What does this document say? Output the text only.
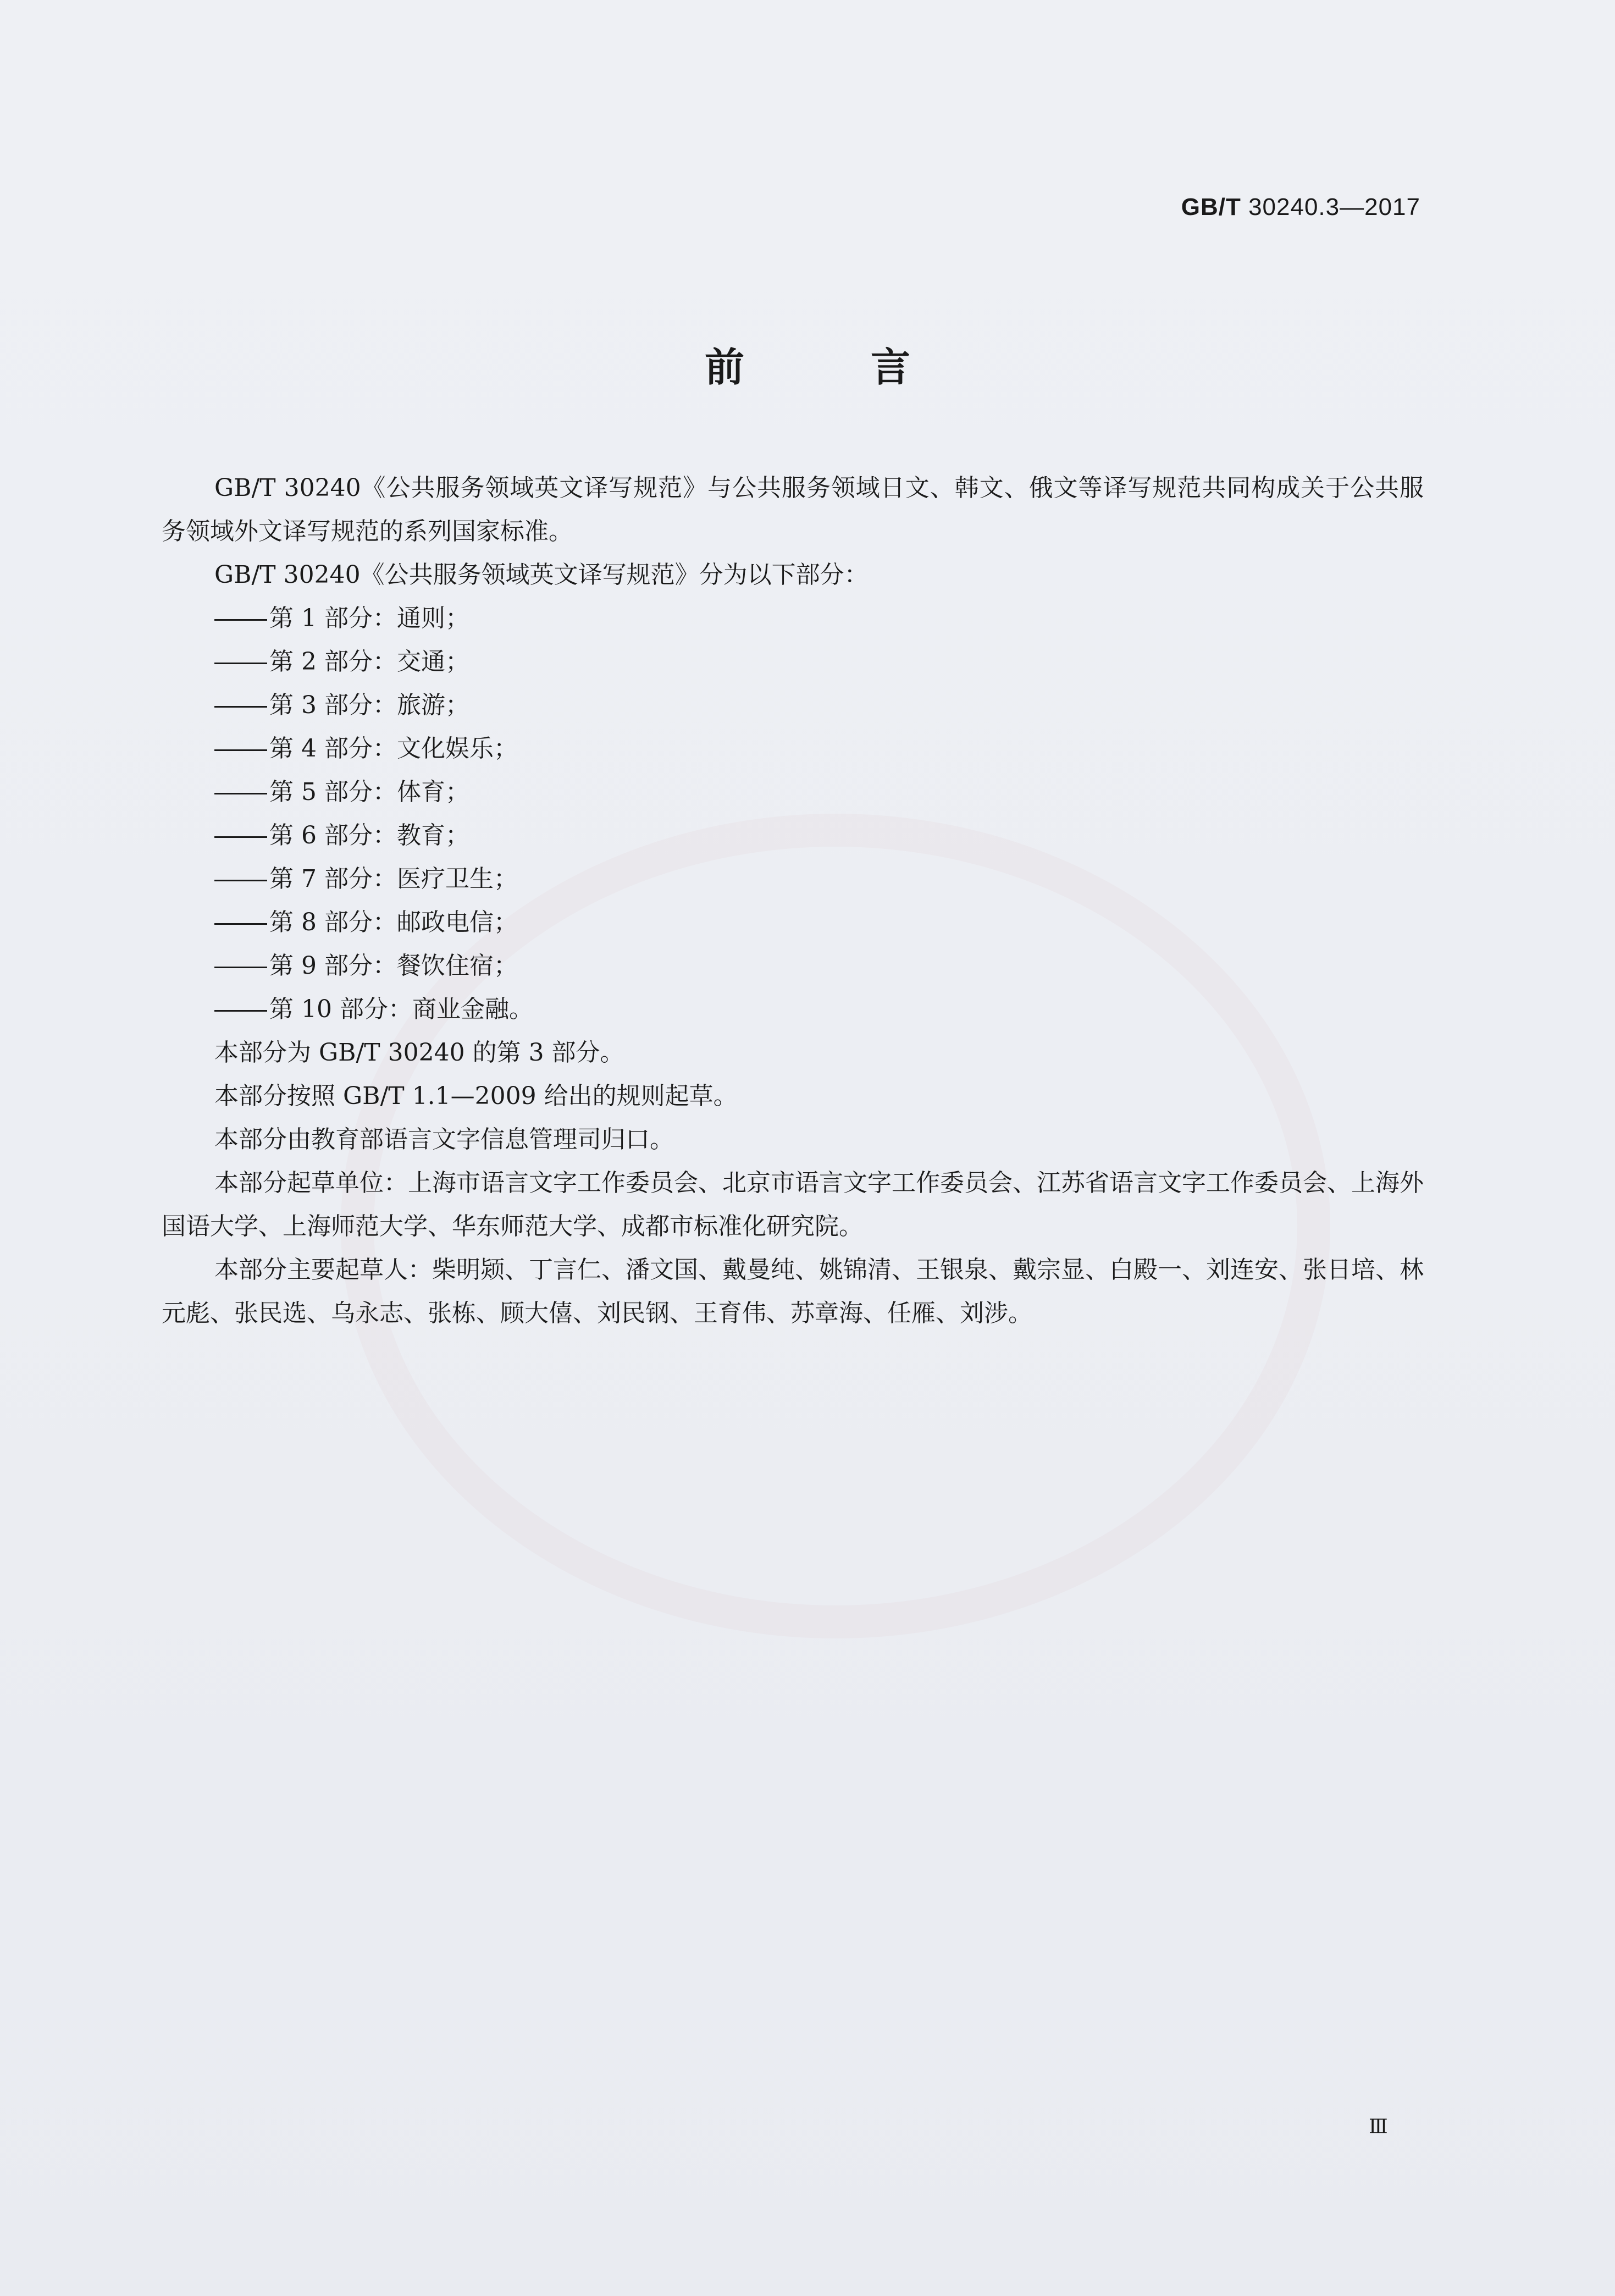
GB/T 30240.3—2017
前言

GB/T 30240《公共服务领域英文译写规范》与公共服务领域日文、韩文、俄文等译写规范共同构成关于公共服务领域外文译写规范的系列国家标准。

GB/T 30240《公共服务领域英文译写规范》分为以下部分：

第 1 部分：通则；

第 2 部分：交通；

第 3 部分：旅游；

第 4 部分：文化娱乐；

第 5 部分：体育；

第 6 部分：教育；

第 7 部分：医疗卫生；

第 8 部分：邮政电信；

第 9 部分：餐饮住宿；

第 10 部分：商业金融。

本部分为 GB/T 30240 的第 3 部分。

本部分按照 GB/T 1.1—2009 给出的规则起草。

本部分由教育部语言文字信息管理司归口。

本部分起草单位：上海市语言文字工作委员会、北京市语言文字工作委员会、江苏省语言文字工作委员会、上海外国语大学、上海师范大学、华东师范大学、成都市标准化研究院。

本部分主要起草人：柴明颎、丁言仁、潘文国、戴曼纯、姚锦清、王银泉、戴宗显、白殿一、刘连安、张日培、林元彪、张民选、乌永志、张栋、顾大僖、刘民钢、王育伟、苏章海、任雁、刘涉。

Ⅲ
